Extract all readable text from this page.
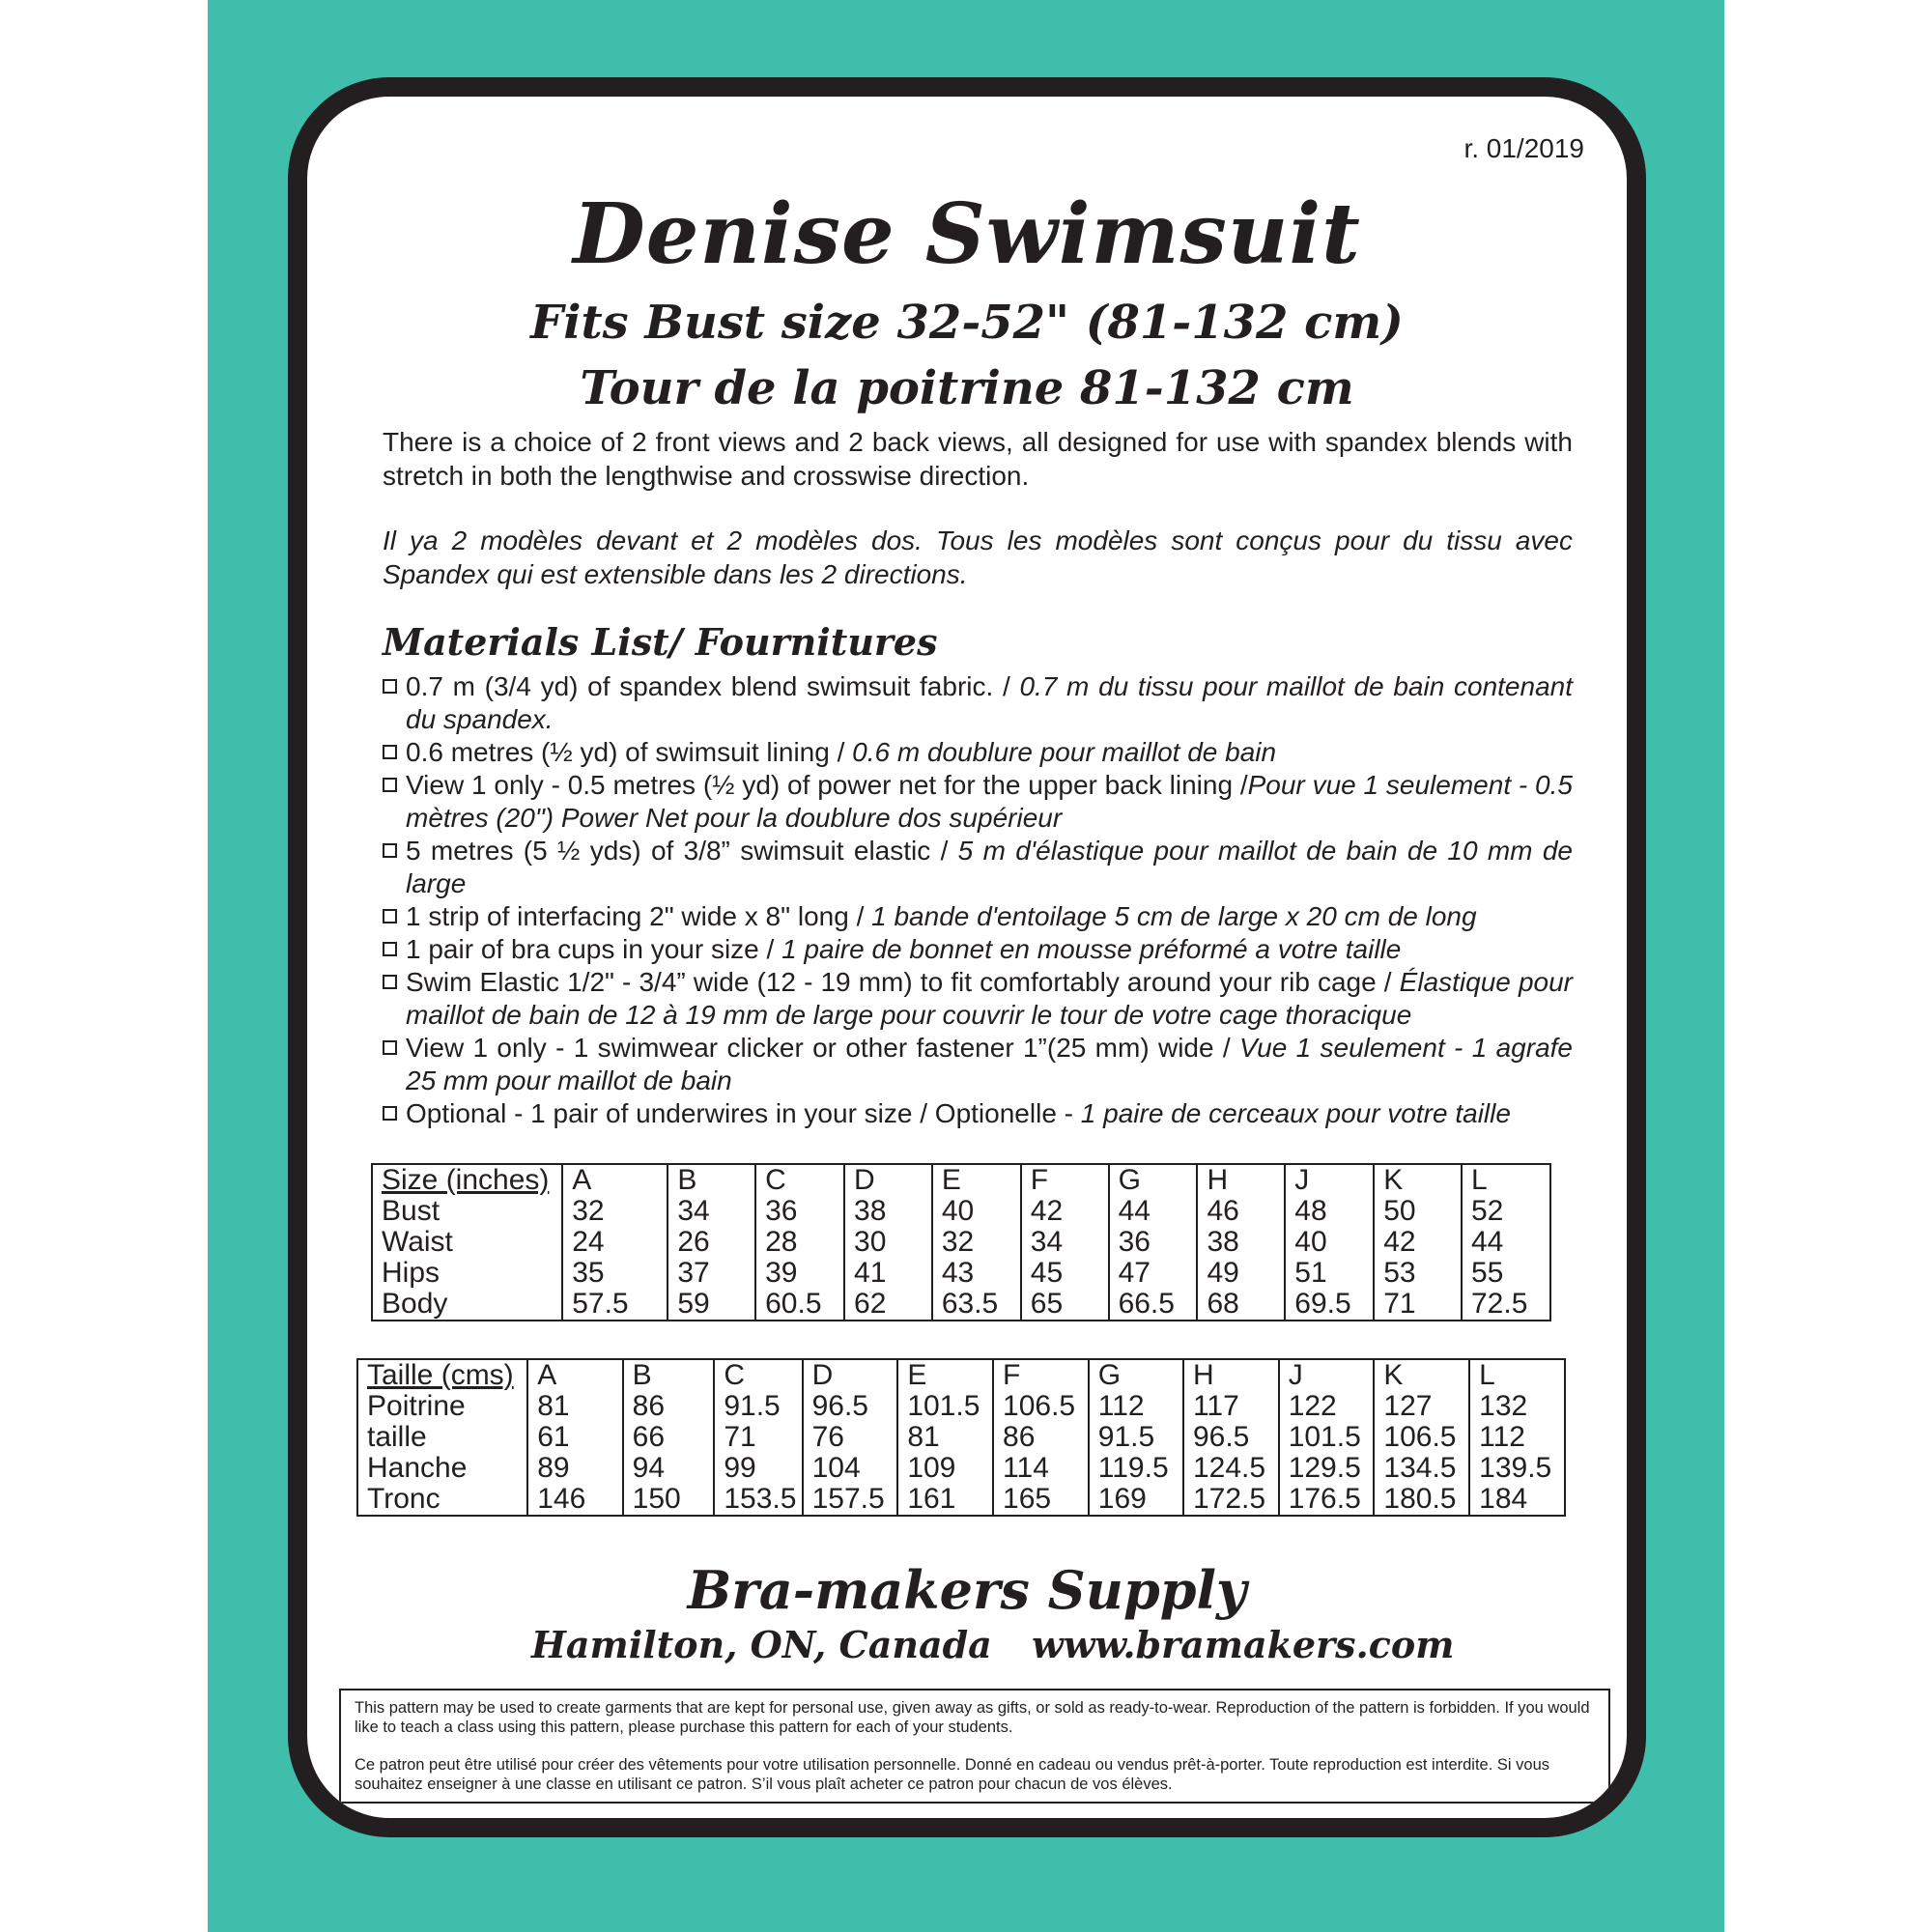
r. 01/2019
Denise Swimsuit
Fits Bust size 32-52" (81-132 cm)
Tour de la poitrine 81-132 cm
There is a choice of 2 front views and 2 back views, all designed for use with spandex blends with stretch in both the lengthwise and crosswise direction.
Il ya 2 modèles devant et 2 modèles dos. Tous les modèles sont conçus pour du tissu avec Spandex qui est extensible dans les 2 directions.
Materials List/ Fournitures
0.7 m (3/4 yd) of spandex blend swimsuit fabric. / 0.7 m du tissu pour maillot de bain contenant du spandex.
0.6 metres (½ yd) of swimsuit lining / 0.6 m doublure pour maillot de bain
View 1 only - 0.5 metres (½ yd) of power net for the upper back lining /Pour vue 1 seulement - 0.5 mètres (20") Power Net pour la doublure dos supérieur
5 metres (5 ½ yds) of 3/8” swimsuit elastic / 5 m d'élastique pour maillot de bain de 10 mm de large
1 strip of interfacing 2" wide x 8" long / 1 bande d'entoilage 5 cm de large x 20 cm de long
1 pair of bra cups in your size / 1 paire de bonnet en mousse préformé a votre taille
Swim Elastic 1/2" - 3/4” wide (12 - 19 mm) to fit comfortably around your rib cage / Élastique pour maillot de bain de 12 à 19 mm de large pour couvrir le tour de votre cage thoracique
View 1 only - 1 swimwear clicker or other fastener 1”(25 mm) wide / Vue 1 seulement - 1 agrafe 25 mm pour maillot de bain
Optional - 1 pair of underwires in your size / Optionelle - 1 paire de cerceaux pour votre taille
Size (inches)	A	B	C	D	E	F	G	H	J	K	L
Bust	32	34	36	38	40	42	44	46	48	50	52
Waist	24	26	28	30	32	34	36	38	40	42	44
Hips	35	37	39	41	43	45	47	49	51	53	55
Body	57.5	59	60.5	62	63.5	65	66.5	68	69.5	71	72.5
Taille (cms)	A	B	C	D	E	F	G	H	J	K	L
Poitrine	81	86	91.5	96.5	101.5	106.5	112	117	122	127	132
taille	61	66	71	76	81	86	91.5	96.5	101.5	106.5	112
Hanche	89	94	99	104	109	114	119.5	124.5	129.5	134.5	139.5
Tronc	146	150	153.5	157.5	161	165	169	172.5	176.5	180.5	184
Bra-makers Supply
Hamilton, ON, Canada www.bramakers.com

This pattern may be used to create garments that are kept for personal use, given away as gifts, or sold as ready-to-wear. Reproduction of the pattern is forbidden. If you would like to teach a class using this pattern, please purchase this pattern for each of your students.

Ce patron peut être utilisé pour créer des vêtements pour votre utilisation personnelle. Donné en cadeau ou vendus prêt-à-porter. Toute reproduction est interdite. Si vous souhaitez enseigner à une classe en utilisant ce patron. S’il vous plaît acheter ce patron pour chacun de vos élèves.
